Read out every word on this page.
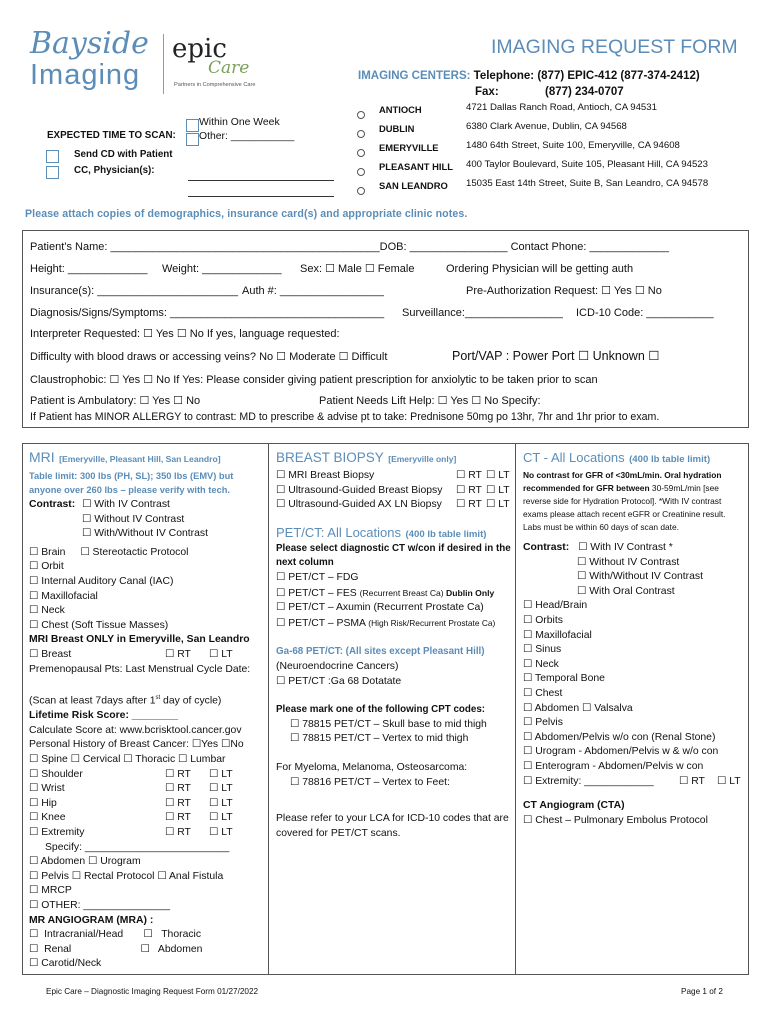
Bayside
Imaging
epic
Care
Partners in Comprehensive Care
IMAGING REQUEST FORM
IMAGING CENTERS: Telephone: (877) EPIC-412 (877-374-2412)
Fax:	(877) 234-0707
ANTIOCH	4721 Dallas Ranch Road, Antioch, CA 94531
DUBLIN	6380 Clark Avenue, Dublin, CA 94568
EMERYVILLE	1480 64th Street, Suite 100, Emeryville, CA 94608
PLEASANT HILL 400 Taylor Boulevard, Suite 105, Pleasant Hill, CA 94523
SAN LEANDRO 15035 East 14th Street, Suite B, San Leandro, CA 94578
Within One Week
Other: ___________
EXPECTED TIME TO SCAN:
Send CD with Patient
CC, Physician(s):
Please attach copies of demographics, insurance card(s) and appropriate clinic notes.
Patient’s Name: ____________________________________________DOB: ________________ Contact Phone: _____________
Height: _____________ Weight: _____________ Sex: ☐ Male ☐ Female	Ordering Physician will be getting auth
Insurance(s): _______________________ Auth #: _________________	Pre-Authorization Request: ☐ Yes ☐ No
Diagnosis/Signs/Symptoms: ___________________________________ Surveillance:________________ ICD-10 Code: ___________
Interpreter Requested: ☐ Yes ☐ No If yes, language requested:
Difficulty with blood draws or accessing veins? No ☐ Moderate ☐ Difficult	Port/VAP : Power Port ☐ Unknown ☐
Claustrophobic: ☐ Yes ☐ No If Yes: Please consider giving patient prescription for anxiolytic to be taken prior to scan
Patient is Ambulatory: ☐ Yes ☐ No	Patient Needs Lift Help: ☐ Yes ☐ No Specify:
If Patient has MINOR ALLERGY to contrast: MD to prescribe & advise pt to take: Prednisone 50mg po 13hr, 7hr and 1hr prior to exam.
MRI [Emeryville, Pleasant Hill, San Leandro]
Table limit: 300 lbs (PH, SL); 350 lbs (EMV) but anyone over 260 lbs – please verify with tech.
Contrast: ☐ With IV Contrast
☐ Without IV Contrast
☐ With/Without IV Contrast
☐ Brain ☐ Stereotactic Protocol
☐ Orbit
☐ Internal Auditory Canal (IAC)
☐ Maxillofacial
☐ Neck
☐ Chest (Soft Tissue Masses)
MRI Breast ONLY in Emeryville, San Leandro
☐ Breast	☐ RT ☐ LT
Premenopausal Pts: Last Menstrual Cycle Date:
(Scan at least 7days after 1st day of cycle)
Lifetime Risk Score: ________
Calculate Score at: www.bcrisktool.cancer.gov
Personal History of Breast Cancer: ☐Yes ☐No
☐ Spine ☐ Cervical ☐ Thoracic ☐ Lumbar
☐ Shoulder	☐ RT ☐ LT
☐ Wrist	☐ RT ☐ LT
☐ Hip	☐ RT ☐ LT
☐ Knee	☐ RT ☐ LT
☐ Extremity	☐ RT ☐ LT
Specify: _________________________
☐ Abdomen ☐ Urogram
☐ Pelvis ☐ Rectal Protocol ☐ Anal Fistula
☐ MRCP
☐ OTHER: _______________
MR ANGIOGRAM (MRA) :
☐  Intracranial/Head       ☐   Thoracic
☐  Renal                        ☐   Abdomen
☐ Carotid/Neck
BREAST BIOPSY [Emeryville only]
☐ MRI Breast Biopsy	☐ RT ☐ LT
☐ Ultrasound-Guided Breast Biopsy ☐ RT ☐ LT
☐ Ultrasound-Guided AX LN Biopsy ☐ RT ☐ LT
PET/CT: All Locations (400 lb table limit)
Please select diagnostic CT w/con if desired in the next column
☐ PET/CT – FDG
☐ PET/CT – FES (Recurrent Breast Ca) Dublin Only
☐ PET/CT – Axumin (Recurrent Prostate Ca)
☐ PET/CT – PSMA (High Risk/Recurrent Prostate Ca)
Ga-68 PET/CT: (All sites except Pleasant Hill)
(Neuroendocrine Cancers)
☐ PET/CT :Ga 68 Dotatate
Please mark one of the following CPT codes:
☐ 78815 PET/CT – Skull base to mid thigh
☐ 78815 PET/CT – Vertex to mid thigh
For Myeloma, Melanoma, Osteosarcoma:
☐ 78816 PET/CT – Vertex to Feet:
Please refer to your LCA for ICD-10 codes that are covered for PET/CT scans.
CT - All Locations (400 lb table limit)
No contrast for GFR of <30mL/min. Oral hydration recommended for GFR between 30-59mL/min [see reverse side for Hydration Protocol]. *With IV contrast exams please attach recent eGFR or Creatinine result. Labs must be within 60 days of scan date.
Contrast: ☐ With IV Contrast *
☐ Without IV Contrast
☐ With/Without IV Contrast
☐ With Oral Contrast
☐ Head/Brain
☐ Orbits
☐ Maxillofacial
☐ Sinus
☐ Neck
☐ Temporal Bone
☐ Chest
☐ Abdomen ☐ Valsalva
☐ Pelvis
☐ Abdomen/Pelvis w/o con (Renal Stone)
☐ Urogram - Abdomen/Pelvis w & w/o con
☐ Enterogram - Abdomen/Pelvis w con
☐ Extremity: ____________ ☐ RT ☐ LT
CT Angiogram (CTA)
☐ Chest – Pulmonary Embolus Protocol
Epic Care – Diagnostic Imaging Request Form 01/27/2022	Page 1 of 2
